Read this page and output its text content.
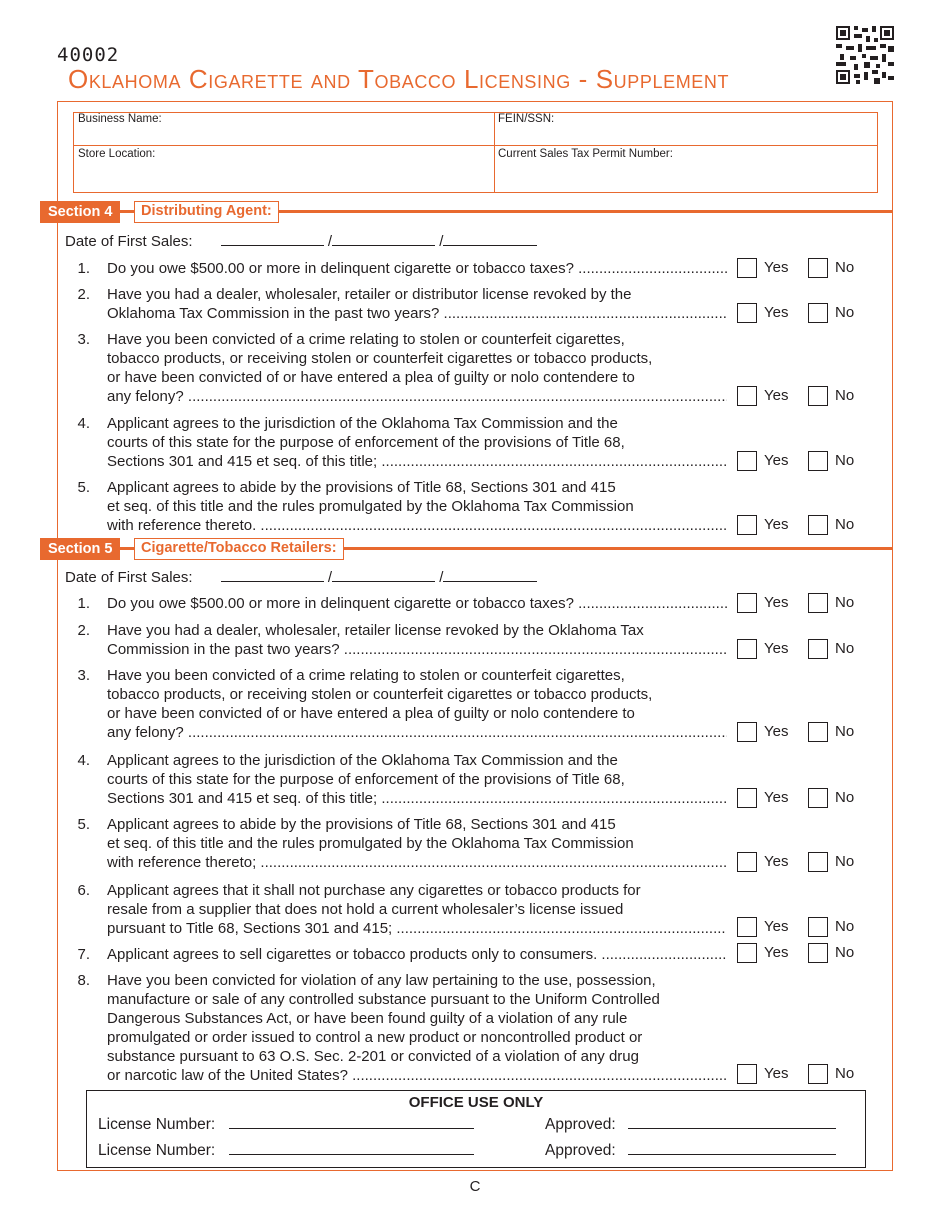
40002
Oklahoma Cigarette and Tobacco Licensing - Supplement
Business Name:	FEIN/SSN:
Store Location:	Current Sales Tax Permit Number:
Section 4	Distributing Agent:
Date of First Sales:	/	/
1. Do you owe $500.00 or more in delinquent cigarette or tobacco taxes? .....	Yes	No
2. Have you had a dealer, wholesaler, retailer or distributor license revoked by the
Oklahoma Tax Commission in the past two years? .....	Yes	No
3. Have you been convicted of a crime relating to stolen or counterfeit cigarettes,
tobacco products, or receiving stolen or counterfeit cigarettes or tobacco products,
or have been convicted of or have entered a plea of guilty or nolo contendere to
any felony? .....	Yes	No
4. Applicant agrees to the jurisdiction of the Oklahoma Tax Commission and the
courts of this state for the purpose of enforcement of the provisions of Title 68,
Sections 301 and 415 et seq. of this title; .....	Yes	No
5. Applicant agrees to abide by the provisions of Title 68, Sections 301 and 415
et seq. of this title and the rules promulgated by the Oklahoma Tax Commission
with reference thereto. .....	Yes	No
Section 5	Cigarette/Tobacco Retailers:
Date of First Sales:	/	/
1. Do you owe $500.00 or more in delinquent cigarette or tobacco taxes? .....	Yes	No
2. Have you had a dealer, wholesaler, retailer license revoked by the Oklahoma Tax
Commission in the past two years? .....	Yes	No
3. Have you been convicted of a crime relating to stolen or counterfeit cigarettes,
tobacco products, or receiving stolen or counterfeit cigarettes or tobacco products,
or have been convicted of or have entered a plea of guilty or nolo contendere to
any felony? .....	Yes	No
4. Applicant agrees to the jurisdiction of the Oklahoma Tax Commission and the
courts of this state for the purpose of enforcement of the provisions of Title 68,
Sections 301 and 415 et seq. of this title; .....	Yes	No
5. Applicant agrees to abide by the provisions of Title 68, Sections 301 and 415
et seq. of this title and the rules promulgated by the Oklahoma Tax Commission
with reference thereto; .....	Yes	No
6. Applicant agrees that it shall not purchase any cigarettes or tobacco products for
resale from a supplier that does not hold a current wholesaler’s license issued
pursuant to Title 68, Sections 301 and 415; .....	Yes	No
7. Applicant agrees to sell cigarettes or tobacco products only to consumers. .....	Yes	No
8. Have you been convicted for violation of any law pertaining to the use, possession,
manufacture or sale of any controlled substance pursuant to the Uniform Controlled
Dangerous Substances Act, or have been found guilty of a violation of any rule
promulgated or order issued to control a new product or noncontrolled product or
substance pursuant to 63 O.S. Sec. 2-201 or convicted of a violation of any drug
or narcotic law of the United States? .....	Yes	No
OFFICE USE ONLY
License Number:	Approved:
License Number:	Approved:
C
